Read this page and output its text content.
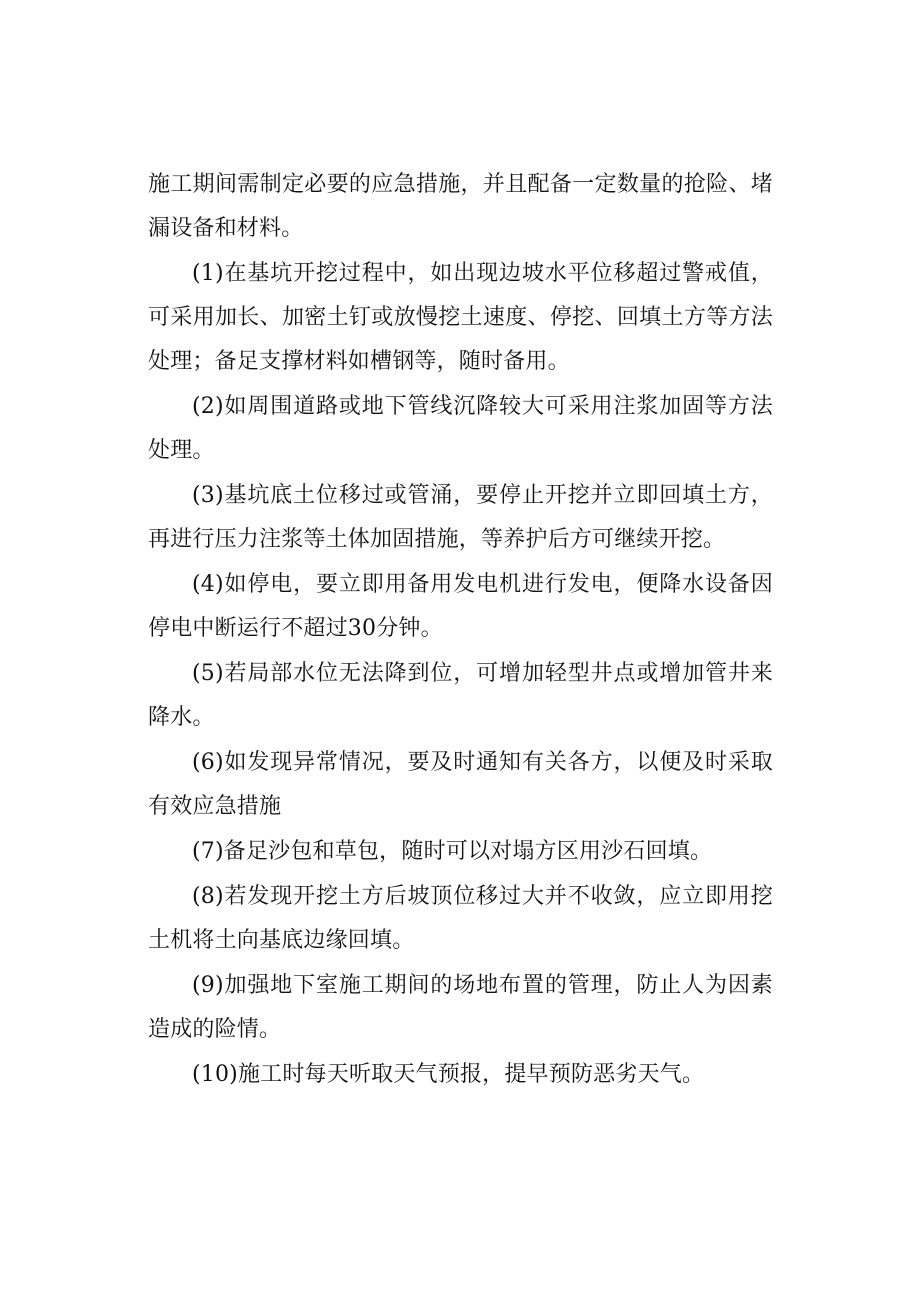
施工期间需制定必要的应急措施，并且配备一定数量的抢险、堵漏设备和材料。

(1)在基坑开挖过程中，如出现边坡水平位移超过警戒值，可采用加长、加密土钉或放慢挖土速度、停挖、回填土方等方法处理；备足支撑材料如槽钢等，随时备用。

(2)如周围道路或地下管线沉降较大可采用注浆加固等方法处理。

(3)基坑底土位移过或管涌，要停止开挖并立即回填土方，再进行压力注浆等土体加固措施，等养护后方可继续开挖。

(4)如停电，要立即用备用发电机进行发电，便降水设备因停电中断运行不超过30分钟。

(5)若局部水位无法降到位，可增加轻型井点或增加管井来降水。

(6)如发现异常情况，要及时通知有关各方，以便及时采取有效应急措施

(7)备足沙包和草包，随时可以对塌方区用沙石回填。

(8)若发现开挖土方后坡顶位移过大并不收敛，应立即用挖土机将土向基底边缘回填。

(9)加强地下室施工期间的场地布置的管理，防止人为因素造成的险情。

(10)施工时每天听取天气预报，提早预防恶劣天气。
